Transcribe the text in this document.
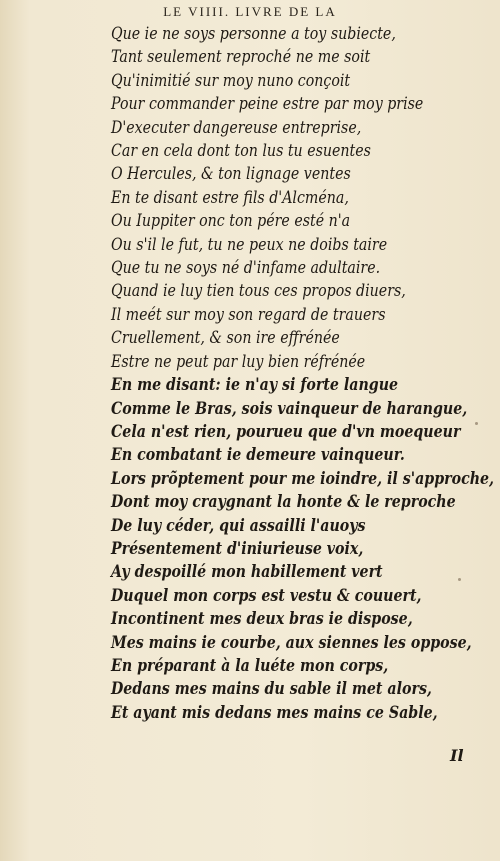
LE VIIII. LIVRE DE LA
Que ie ne soys personne a toy subiecte,
Tant seulement reproché ne me soit
Qu'inimitié sur moy nuno conçoit
Pour commander peine estre par moy prise
D'executer dangereuse entreprise,
Car en cela dont ton lus tu esuentes
O Hercules, & ton lignage ventes
En te disant estre fils d'Alcména,
Ou Iuppiter onc ton pére esté n'a
Ou s'il le fut, tu ne peux ne doibs taire
Que tu ne soys né d'infame adultaire.
Quand ie luy tien tous ces propos diuers,
Il meét sur moy son regard de trauers
Cruellement, & son ire effrénée
Estre ne peut par luy bien réfrénée
En me disant: ie n'ay si forte langue
Comme le Bras, sois vainqueur de harangue,
Cela n'est rien, pourueu que d'vn moequeur
En combatant ie demeure vainqueur.
Lors prõptement pour me ioindre, il s'approche,
Dont moy craygnant la honte & le reproche
De luy céder, qui assailli l'auoys
Présentement d'iniurieuse voix,
Ay despoillé mon habillement vert
Duquel mon corps est vestu & couuert,
Incontinent mes deux bras ie dispose,
Mes mains ie courbe, aux siennes les oppose,
En préparant à la luéte mon corps,
Dedans mes mains du sable il met alors,
Et ayant mis dedans mes mains ce Sable,
Il
